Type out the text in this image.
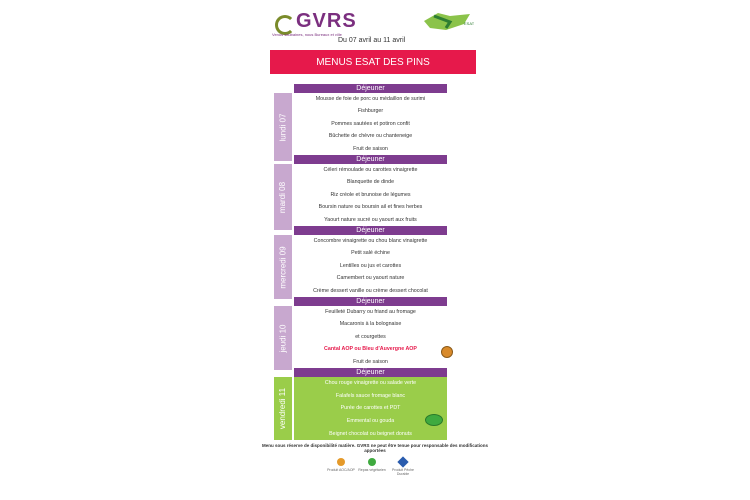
GVRS
Venus saubaines, nous Bureaux et ville
Du 07 avril au 11 avril
ESAT
MENUS ESAT DES PINS
lundi 07
Déjeuner
Mousse de foie de porc ou médaillon de surimi
Fishburger
Pommes sautées et potiron confit
Bûchette de chèvre ou chanteneige
Fruit de saison
mardi 08
Déjeuner
Céleri rémoulade ou carottes vinaigrette
Blanquette de dinde
Riz créole et brunoise de légumes
Boursin nature ou boursin ail et fines herbes
Yaourt nature sucré ou yaourt aux fruits
mercredi 09
Déjeuner
Concombre vinaigrette ou chou blanc vinaigrette
Petit salé échine
Lentilles ou jus et carottes
Camembert ou yaourt nature
Crème dessert vanille ou crème dessert chocolat
jeudi 10
Déjeuner
Feuilleté Dubarry ou friand au fromage
Macaronis à la bolognaise
et courgettes
Cantal AOP ou Bleu d'Auvergne AOP
Fruit de saison
vendredi 11
Déjeuner
Chou rouge vinaigrette ou salade verte
Falafels sauce fromage blanc
Purée de carottes et PDT
Emmental ou gouda
Beignet chocolat ou beignet donuts
Menu sous réserve de disponibilité matière. GVRS ne peut être tenue pour responsable des modifications apportées
Produit AOC/AOP Repas végétarien	Produit Pêche Durable
